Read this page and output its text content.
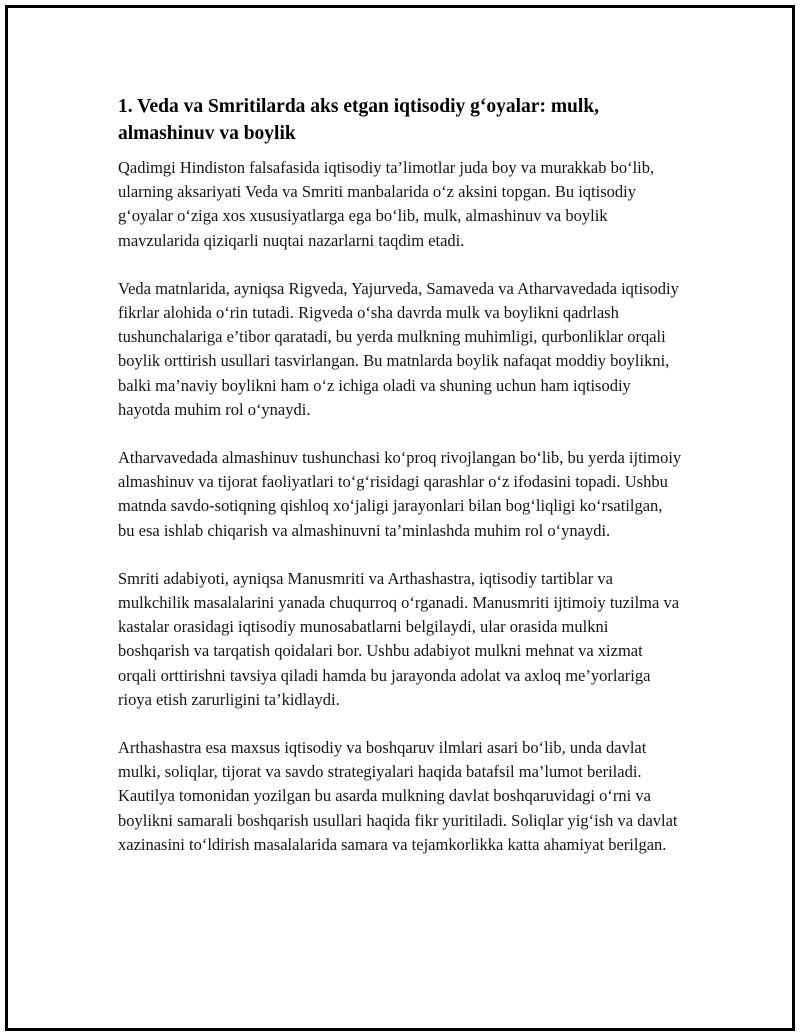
1. Veda va Smritilarda aks etgan iqtisodiy g‘oyalar: mulk, almashinuv va boylik

Qadimgi Hindiston falsafasida iqtisodiy ta’limotlar juda boy va murakkab bo‘lib, ularning aksariyati Veda va Smriti manbalarida o‘z aksini topgan. Bu iqtisodiy g‘oyalar o‘ziga xos xususiyatlarga ega bo‘lib, mulk, almashinuv va boylik mavzularida qiziqarli nuqtai nazarlarni taqdim etadi.

Veda matnlarida, ayniqsa Rigveda, Yajurveda, Samaveda va Atharvavedada iqtisodiy fikrlar alohida o‘rin tutadi. Rigveda o‘sha davrda mulk va boylikni qadrlash tushunchalariga e’tibor qaratadi, bu yerda mulkning muhimligi, qurbonliklar orqali boylik orttirish usullari tasvirlangan. Bu matnlarda boylik nafaqat moddiy boylikni, balki ma’naviy boylikni ham o‘z ichiga oladi va shuning uchun ham iqtisodiy hayotda muhim rol o‘ynaydi.

Atharvavedada almashinuv tushunchasi ko‘proq rivojlangan bo‘lib, bu yerda ijtimoiy almashinuv va tijorat faoliyatlari to‘g‘risidagi qarashlar o‘z ifodasini topadi. Ushbu matnda savdo-sotiqning qishloq xo‘jaligi jarayonlari bilan bog‘liqligi ko‘rsatilgan, bu esa ishlab chiqarish va almashinuvni ta’minlashda muhim rol o‘ynaydi.

Smriti adabiyoti, ayniqsa Manusmriti va Arthashastra, iqtisodiy tartiblar va mulkchilik masalalarini yanada chuqurroq o‘rganadi. Manusmriti ijtimoiy tuzilma va kastalar orasidagi iqtisodiy munosabatlarni belgilaydi, ular orasida mulkni boshqarish va tarqatish qoidalari bor. Ushbu adabiyot mulkni mehnat va xizmat orqali orttirishni tavsiya qiladi hamda bu jarayonda adolat va axloq me’yorlariga rioya etish zarurligini ta’kidlaydi.

Arthashastra esa maxsus iqtisodiy va boshqaruv ilmlari asari bo‘lib, unda davlat mulki, soliqlar, tijorat va savdo strategiyalari haqida batafsil ma’lumot beriladi. Kautilya tomonidan yozilgan bu asarda mulkning davlat boshqaruvidagi o‘rni va boylikni samarali boshqarish usullari haqida fikr yuritiladi. Soliqlar yig‘ish va davlat xazinasini to‘ldirish masalalarida samara va tejamkorlikka katta ahamiyat berilgan.
